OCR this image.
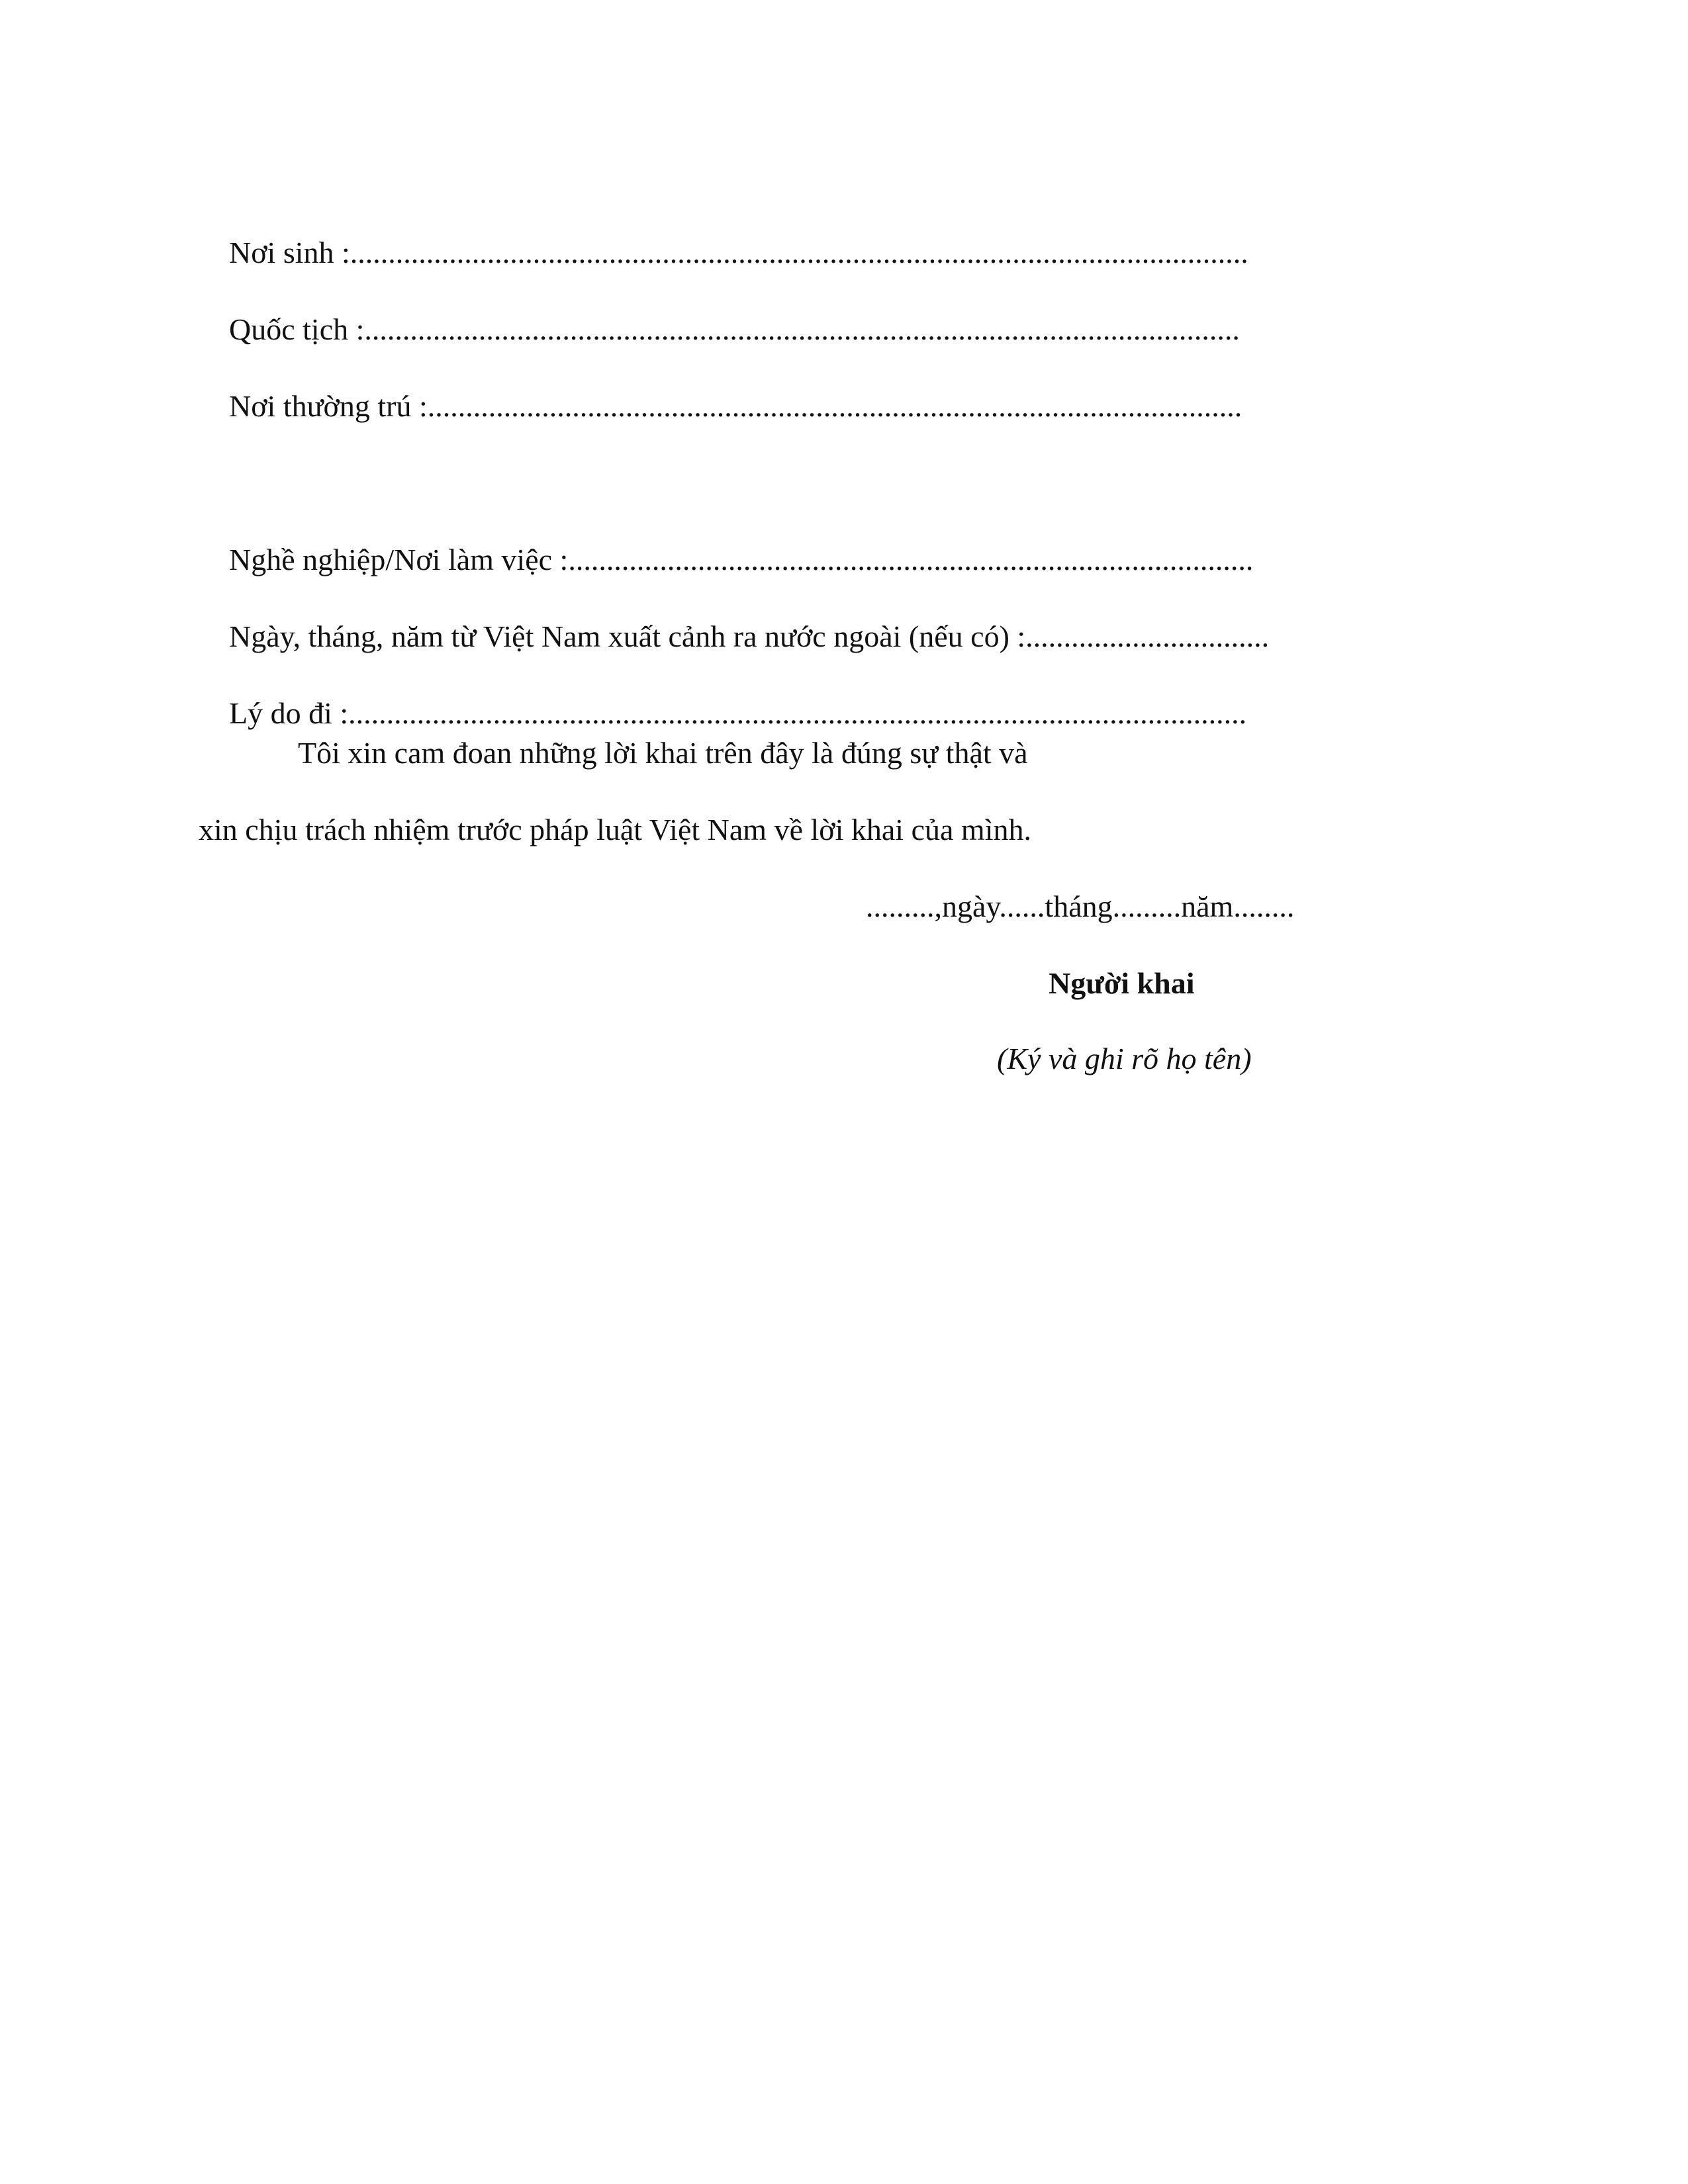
Nơi sinh :......................................................................................................................

Quốc tịch :...................................................................................................................

Nơi thường trú :...........................................................................................................

Nghề nghiệp/Nơi làm việc :..........................................................................................

Ngày, tháng, năm từ Việt Nam xuất cảnh ra nước ngoài (nếu có) :................................

Lý do đi :......................................................................................................................

Tôi xin cam đoan những lời khai trên đây là đúng sự thật và
xin chịu trách nhiệm trước pháp luật Việt Nam về lời khai của mình.
.........,ngày......tháng.........năm........
Người khai
(Ký và ghi rõ họ tên)
